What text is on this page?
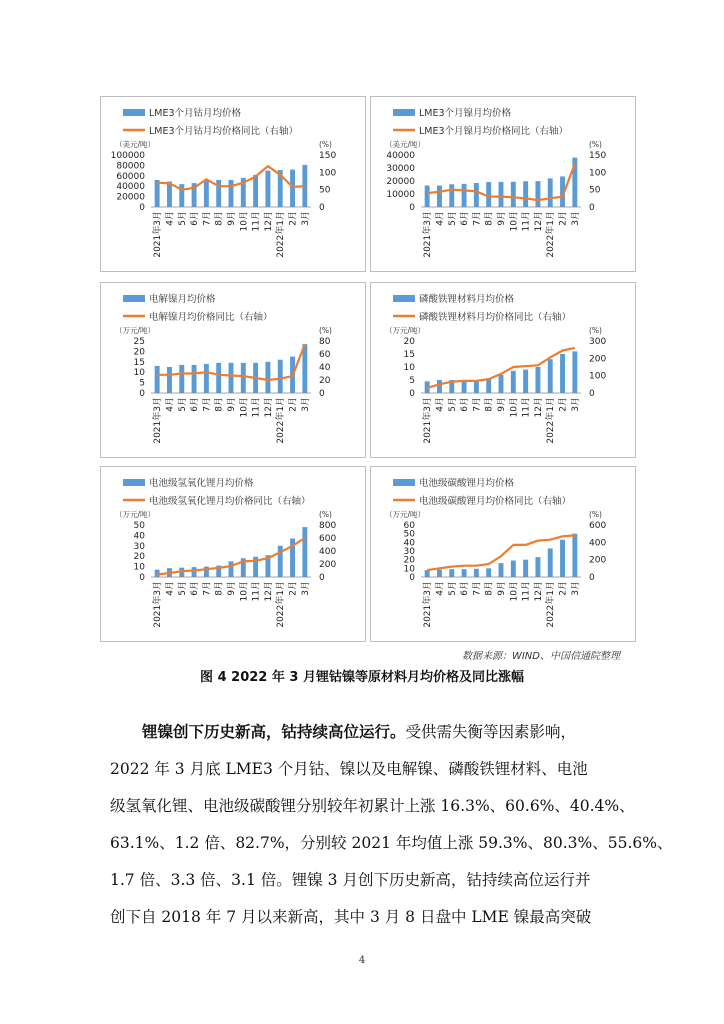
LME3个月钴月均价格
LME3个月钴月均价格同比（右轴）
（美元/吨）	(%)
0
20000
40000
60000
80000
100000
0
50
100
150
2021年3月 4月 5月 6月 7月 8月 9月 10月 11月 12月 2022年1月 2月 3月
LME3个月镍月均价格
LME3个月镍月均价格同比（右轴）
（美元/吨）	(%)
0
10000
20000
30000
40000
0
50
100
150
2021年3月 4月 5月 6月 7月 8月 9月 10月 11月 12月 2022年1月 2月 3月
电解镍月均价格
电解镍月均价格同比（右轴）
（万元/吨）	(%)
0
5
10
15
20
25
0
20
40
60
80
2021年3月 4月 5月 6月 7月 8月 9月 10月 11月 12月 2022年1月 2月 3月
磷酸铁锂材料月均价格
磷酸铁锂材料月均价格同比（右轴）
（万元/吨）	(%)
0
5
10
15
20
0
100
200
300
2021年3月 4月 5月 6月 7月 8月 9月 10月 11月 12月 2022年1月 2月 3月
电池级氢氧化锂月均价格
电池级氢氧化锂月均价格同比（右轴）
（万元/吨）	(%)
0
10
20
30
40
50
0
200
400
600
800
2021年3月 4月 5月 6月 7月 8月 9月 10月 11月 12月 2022年1月 2月 3月
电池级碳酸锂月均价格
电池级碳酸锂月均价格同比（右轴）
（万元/吨）	(%)
0
10
20
30
40
50
60
0
200
400
600
2021年3月 4月 5月 6月 7月 8月 9月 10月 11月 12月 2022年1月 2月 3月
数据来源：WIND、中国信通院整理
图 4 2022 年 3 月锂钴镍等原材料月均价格及同比涨幅
锂镍创下历史新高，钴持续高位运行。受供需失衡等因素影响，
2022 年 3 月底 LME3 个月钴、镍以及电解镍、磷酸铁锂材料、电池
级氢氧化锂、电池级碳酸锂分别较年初累计上涨 16.3%、60.6%、40.4%、
63.1%、1.2 倍、82.7%，分别较 2021 年均值上涨 59.3%、80.3%、55.6%、
1.7 倍、3.3 倍、3.1 倍。锂镍 3 月创下历史新高，钴持续高位运行并
创下自 2018 年 7 月以来新高，其中 3 月 8 日盘中 LME 镍最高突破
4
